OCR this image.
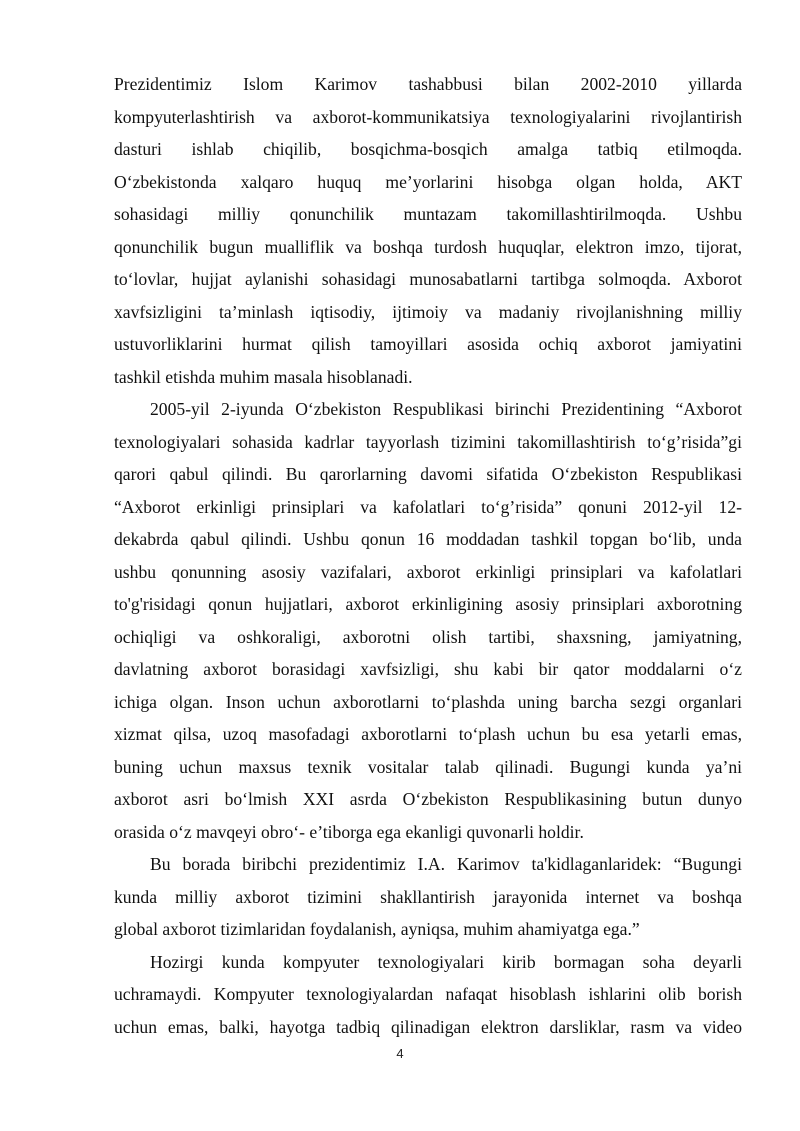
Prezidentimiz Islom Karimov tashabbusi bilan 2002-2010 yillarda
kompyuterlashtirish va axborot-kommunikatsiya texnologiyalarini rivojlantirish
dasturi ishlab chiqilib, bosqichma-bosqich amalga tatbiq etilmoqda.
O‘zbekistonda xalqaro huquq me’yorlarini hisobga olgan holda, AKT
sohasidagi milliy qonunchilik muntazam takomillashtirilmoqda. Ushbu
qonunchilik bugun mualliflik va boshqa turdosh huquqlar, elektron imzo, tijorat,
to‘lovlar, hujjat aylanishi sohasidagi munosabatlarni tartibga solmoqda. Axborot
xavfsizligini ta’minlash iqtisodiy, ijtimoiy va madaniy rivojlanishning milliy
ustuvorliklarini hurmat qilish tamoyillari asosida ochiq axborot jamiyatini
tashkil etishda muhim masala hisoblanadi.
2005-yil 2-iyunda O‘zbekiston Respublikasi birinchi Prezidentining “Axborot
texnologiyalari sohasida kadrlar tayyorlash tizimini takomillashtirish to‘g’risida”gi
qarori qabul qilindi. Bu qarorlarning davomi sifatida O‘zbekiston Respublikasi
“Axborot erkinligi prinsiplari va kafolatlari to‘g’risida” qonuni 2012-yil 12-
dekabrda qabul qilindi. Ushbu qonun 16 moddadan tashkil topgan bo‘lib, unda
ushbu qonunning asosiy vazifalari, axborot erkinligi prinsiplari va kafolatlari
to'g'risidagi qonun hujjatlari, axborot erkinligining asosiy prinsiplari axborotning
ochiqligi va oshkoraligi, axborotni olish tartibi, shaxsning, jamiyatning,
davlatning axborot borasidagi xavfsizligi, shu kabi bir qator moddalarni o‘z
ichiga olgan. Inson uchun axborotlarni to‘plashda uning barcha sezgi organlari
xizmat qilsa, uzoq masofadagi axborotlarni to‘plash uchun bu esa yetarli emas,
buning uchun maxsus texnik vositalar talab qilinadi. Bugungi kunda ya’ni
axborot asri bo‘lmish XXI asrda O‘zbekiston Respublikasining butun dunyo
orasida o‘z mavqeyi obro‘- e’tiborga ega ekanligi quvonarli holdir.
Bu borada biribchi prezidentimiz I.A. Karimov ta'kidlaganlaridek: “Bugungi
kunda milliy axborot tizimini shakllantirish jarayonida internet va boshqa
global axborot tizimlaridan foydalanish, ayniqsa, muhim ahamiyatga ega.”
Hozirgi kunda kompyuter texnologiyalari kirib bormagan soha deyarli
uchramaydi. Kompyuter texnologiyalardan nafaqat hisoblash ishlarini olib borish
uchun emas, balki, hayotga tadbiq qilinadigan elektron darsliklar, rasm va video
4
